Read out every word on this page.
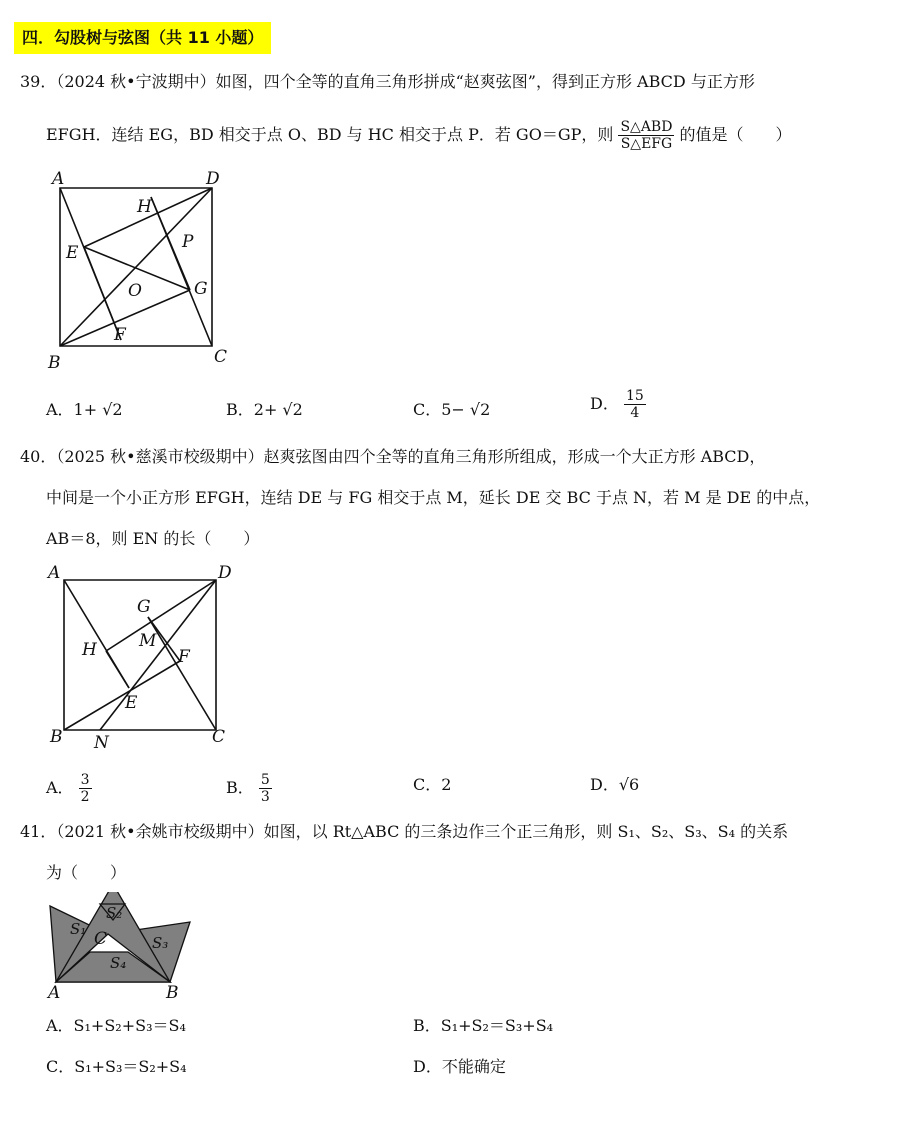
四．勾股树与弦图（共 11 小题）
39．（2024 秋•宁波期中）如图，四个全等的直角三角形拼成“赵爽弦图”，得到正方形 ABCD 与正方形
EFGH．连结 EG，BD 相交于点 O、BD 与 HC 相交于点 P．若 GO＝GP，则 $\frac{\text{S△ABD}}{\text{S△EFG}}$ 的值是（　　）
A	D
H
E
P
O	G
F
B	C
A．1+ √2	B．2+ √2	C．5− √2	D． $\frac{15}{4}$
40．（2025 秋•慈溪市校级期中）赵爽弦图由四个全等的直角三角形所组成，形成一个大正方形 ABCD，
中间是一个小正方形 EFGH，连结 DE 与 FG 相交于点 M，延长 DE 交 BC 于点 N，若 M 是 DE 的中点，
AB＝8，则 EN 的长（　　）
A	D
G
M
H	F
E
B N	C
A． $\frac{3}{2}$	B． $\frac{5}{3}$	C．2	D．√6
41．（2021 秋•余姚市校级期中）如图，以 Rt△ABC 的三条边作三个正三角形，则 S₁、S₂、S₃、S₄ 的关系
为（　　）
S₁
S₂
S₃
S₄
C
A	B
A．S₁+S₂+S₃＝S₄	B．S₁+S₂＝S₃+S₄
C．S₁+S₃＝S₂+S₄	D．不能确定
